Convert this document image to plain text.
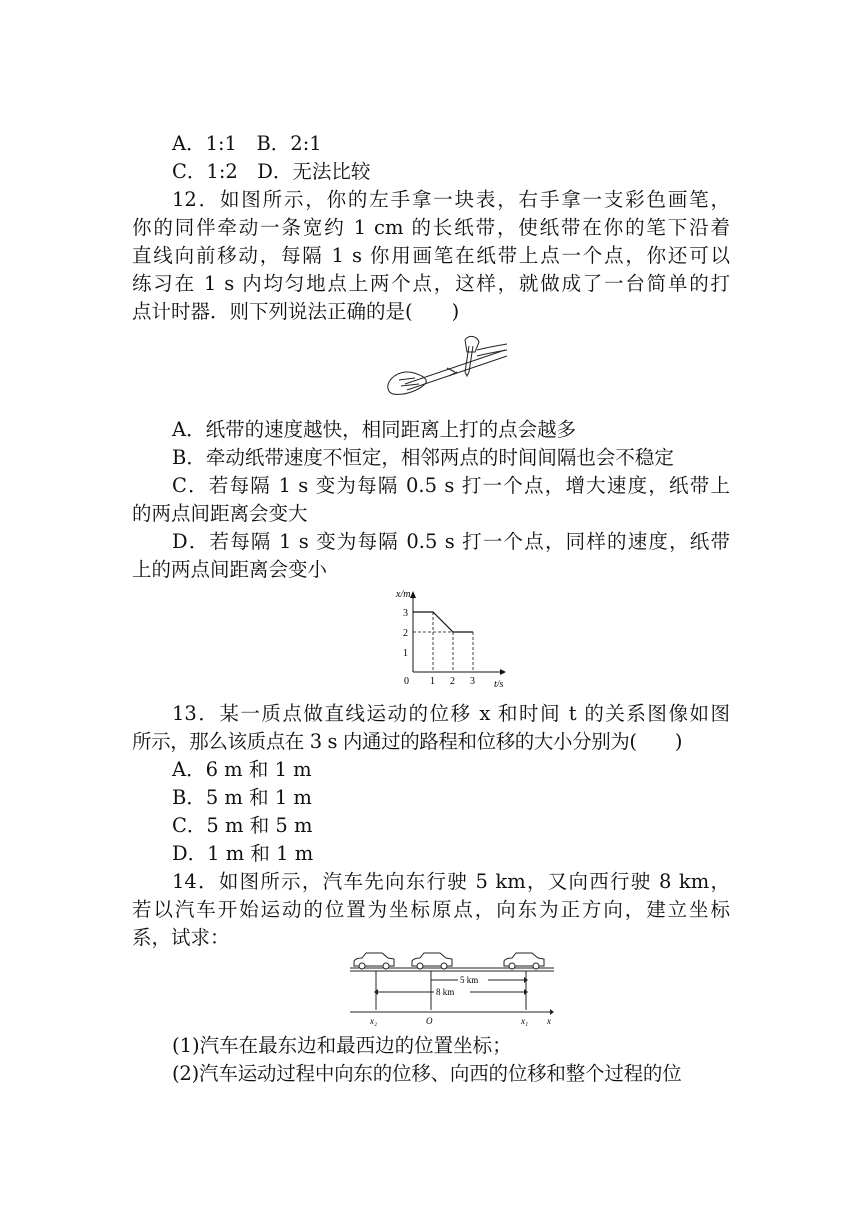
A．1:1　B．2:1
C．1:2　D．无法比较
12．如图所示，你的左手拿一块表，右手拿一支彩色画笔，
你的同伴牵动一条宽约 1 cm 的长纸带，使纸带在你的笔下沿着
直线向前移动，每隔 1 s 你用画笔在纸带上点一个点，你还可以
练习在 1 s 内均匀地点上两个点，这样，就做成了一台简单的打
点计时器．则下列说法正确的是(　　)
A．纸带的速度越快，相同距离上打的点会越多
B．牵动纸带速度不恒定，相邻两点的时间间隔也会不稳定
C．若每隔 1 s 变为每隔 0.5 s 打一个点，增大速度，纸带上
的两点间距离会变大
D．若每隔 1 s 变为每隔 0.5 s 打一个点，同样的速度，纸带
上的两点间距离会变小
x/m
t/s
0 1 2 3
1
2
3
13．某一质点做直线运动的位移 x 和时间 t 的关系图像如图
所示，那么该质点在 3 s 内通过的路程和位移的大小分别为(　　)
A．6 m 和 1 m
B．5 m 和 1 m
C．5 m 和 5 m
D．1 m 和 1 m
14．如图所示，汽车先向东行驶 5 km，又向西行驶 8 km，
若以汽车开始运动的位置为坐标原点，向东为正方向，建立坐标
系，试求：
5 km
8 km
x₂	O	x₁ x
(1)汽车在最东边和最西边的位置坐标；
(2)汽车运动过程中向东的位移、向西的位移和整个过程的位
